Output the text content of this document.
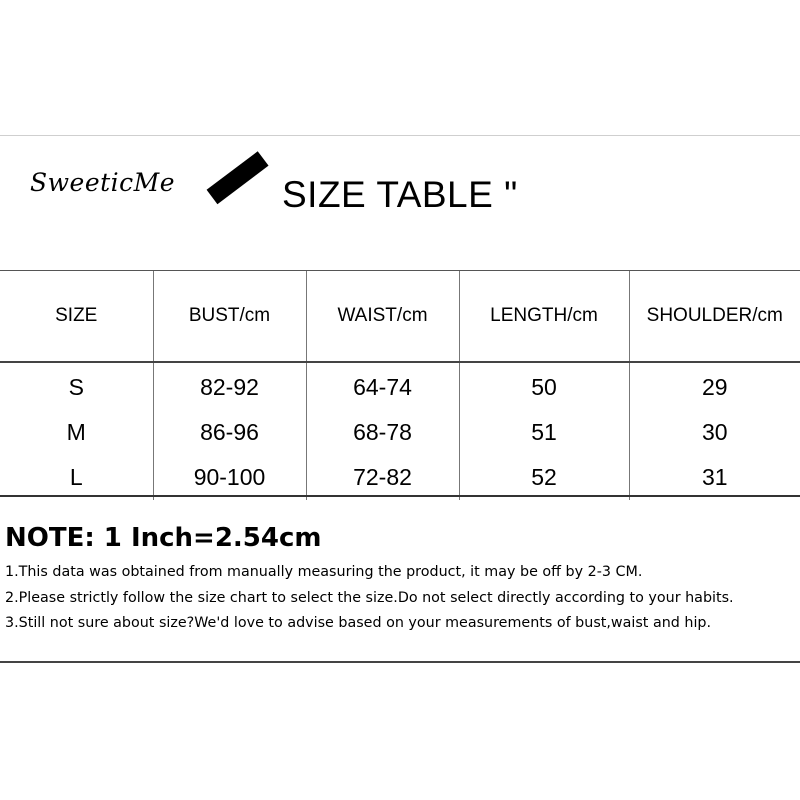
SweeticMe	SIZE TABLE "
SIZE	BUST/cm	WAIST/cm	LENGTH/cm	SHOULDER/cm

S	82-92	64-74	50	29
M	86-96	68-78	51	30
L	90-100	72-82	52	31
NOTE: 1 Inch=2.54cm
1.This data was obtained from manually measuring the product, it may be off by 2-3 CM.
2.Please strictly follow the size chart to select the size.Do not select directly according to your habits.
3.Still not sure about size?We'd love to advise based on your measurements of bust,waist and hip.
